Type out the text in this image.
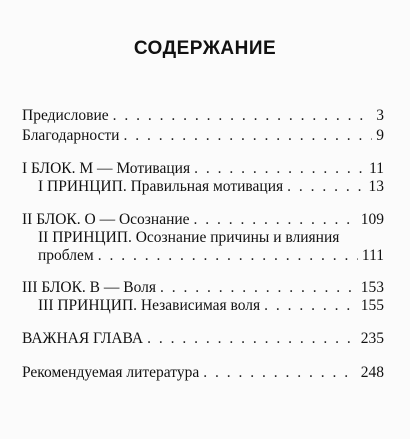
СОДЕРЖАНИЕ
Предисловие . . .	3
Благодарности . . .	9
I БЛОК. М — Мотивация . . .	11
I ПРИНЦИП. Правильная мотивация . . .	13
II БЛОК. О — Осознание . . .	109
II ПРИНЦИП. Осознание причины и влияния
проблем . . .	111
III БЛОК. В — Воля . . .	153
III ПРИНЦИП. Независимая воля . . .	155
ВАЖНАЯ ГЛАВА . . .	235
Рекомендуемая литература . . .	248
